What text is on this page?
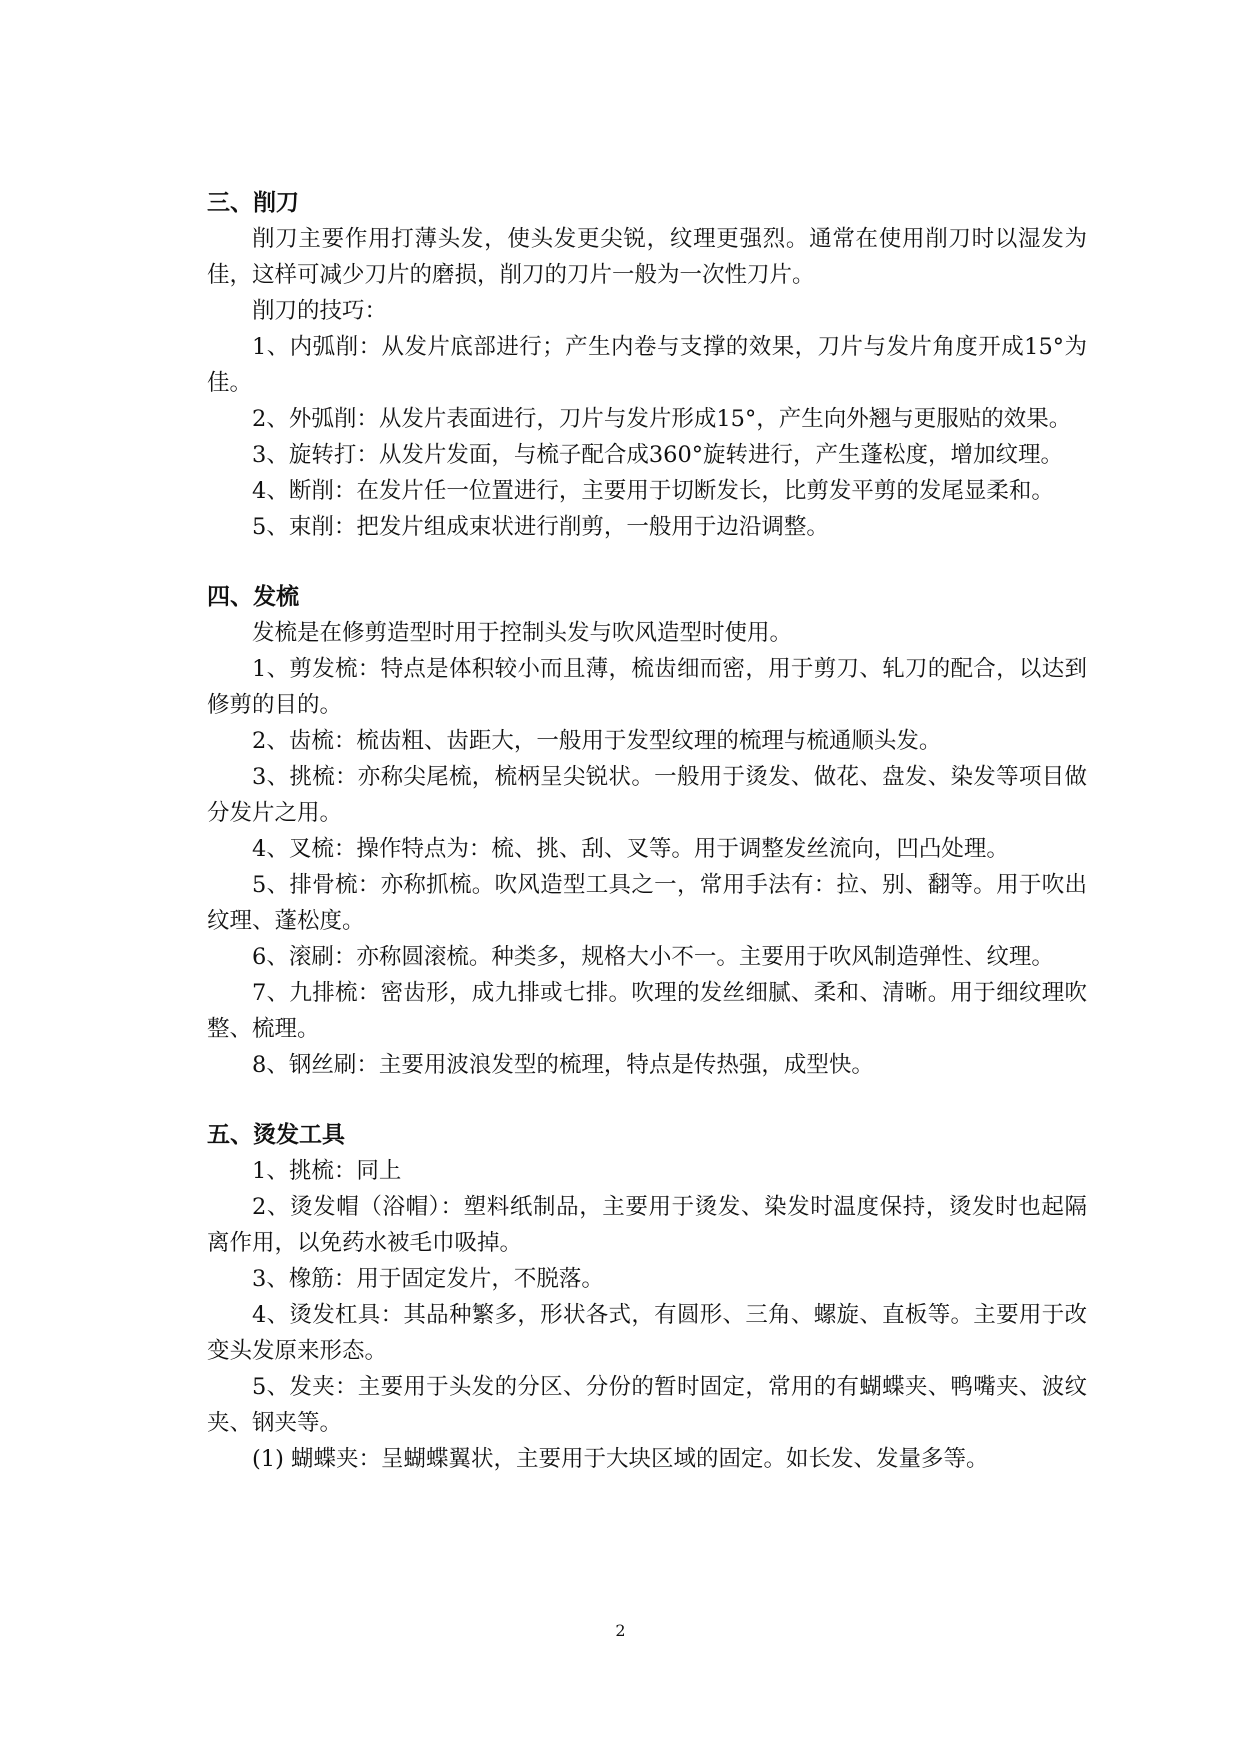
三、削刀

削刀主要作用打薄头发，使头发更尖锐，纹理更强烈。通常在使用削刀时以湿发为佳，这样可减少刀片的磨损，削刀的刀片一般为一次性刀片。

削刀的技巧：

1、内弧削：从发片底部进行；产生内卷与支撑的效果，刀片与发片角度开成15°为佳。

2、外弧削：从发片表面进行，刀片与发片形成15°，产生向外翘与更服贴的效果。

3、旋转打：从发片发面，与梳子配合成360°旋转进行，产生蓬松度，增加纹理。

4、断削：在发片任一位置进行，主要用于切断发长，比剪发平剪的发尾显柔和。

5、束削：把发片组成束状进行削剪，一般用于边沿调整。

四、发梳

发梳是在修剪造型时用于控制头发与吹风造型时使用。

1、剪发梳：特点是体积较小而且薄，梳齿细而密，用于剪刀、轧刀的配合，以达到修剪的目的。

2、齿梳：梳齿粗、齿距大，一般用于发型纹理的梳理与梳通顺头发。

3、挑梳：亦称尖尾梳，梳柄呈尖锐状。一般用于烫发、做花、盘发、染发等项目做分发片之用。

4、叉梳：操作特点为：梳、挑、刮、叉等。用于调整发丝流向，凹凸处理。

5、排骨梳：亦称抓梳。吹风造型工具之一，常用手法有：拉、别、翻等。用于吹出纹理、蓬松度。

6、滚刷：亦称圆滚梳。种类多，规格大小不一。主要用于吹风制造弹性、纹理。

7、九排梳：密齿形，成九排或七排。吹理的发丝细腻、柔和、清晰。用于细纹理吹整、梳理。

8、钢丝刷：主要用波浪发型的梳理，特点是传热强，成型快。

五、烫发工具

1、挑梳：同上

2、烫发帽（浴帽）：塑料纸制品，主要用于烫发、染发时温度保持，烫发时也起隔离作用，以免药水被毛巾吸掉。

3、橡筋：用于固定发片，不脱落。

4、烫发杠具：其品种繁多，形状各式，有圆形、三角、螺旋、直板等。主要用于改变头发原来形态。

5、发夹：主要用于头发的分区、分份的暂时固定，常用的有蝴蝶夹、鸭嘴夹、波纹夹、钢夹等。

(1) 蝴蝶夹：呈蝴蝶翼状，主要用于大块区域的固定。如长发、发量多等。

2
